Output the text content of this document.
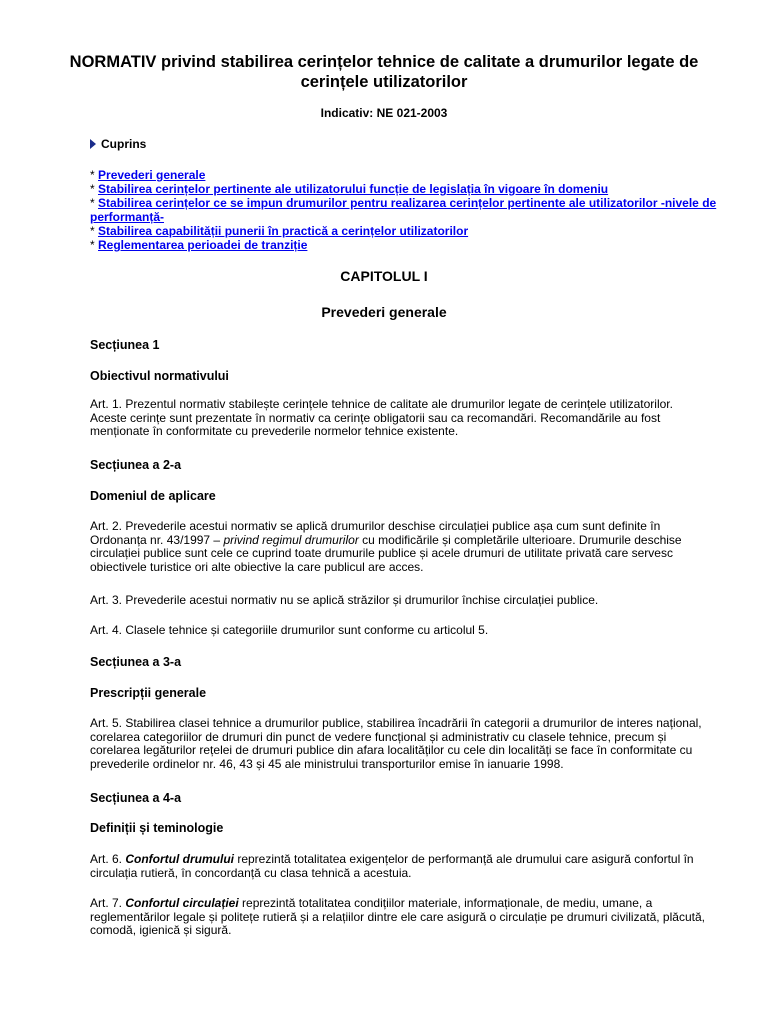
NORMATIV privind stabilirea cerințelor tehnice de calitate a drumurilor legate de cerințele utilizatorilor

Indicativ: NE 021-2003

Cuprins
* Prevederi generale
* Stabilirea cerințelor pertinente ale utilizatorului funcție de legislația în vigoare în domeniu
* Stabilirea cerințelor ce se impun drumurilor pentru realizarea cerințelor pertinente ale utilizatorilor -nivele de performanță-
* Stabilirea capabilității punerii în practică a cerințelor utilizatorilor
* Reglementarea perioadei de tranziție
CAPITOLUL I
Prevederi generale
Secțiunea 1
Obiectivul normativului

Art. 1. Prezentul normativ stabilește cerințele tehnice de calitate ale drumurilor legate de cerințele utilizatorilor. Aceste cerințe sunt prezentate în normativ ca cerințe obligatorii sau ca recomandări. Recomandările au fost menționate în conformitate cu prevederile normelor tehnice existente.

Secțiunea a 2-a
Domeniul de aplicare

Art. 2. Prevederile acestui normativ se aplică drumurilor deschise circulației publice așa cum sunt definite în Ordonanța nr. 43/1997 – privind regimul drumurilor cu modificările și completările ulterioare. Drumurile deschise circulației publice sunt cele ce cuprind toate drumurile publice și acele drumuri de utilitate privată care servesc obiectivele turistice ori alte obiective la care publicul are acces.

Art. 3. Prevederile acestui normativ nu se aplică străzilor și drumurilor închise circulației publice.

Art. 4. Clasele tehnice și categoriile drumurilor sunt conforme cu articolul 5.

Secțiunea a 3-a
Prescripții generale

Art. 5. Stabilirea clasei tehnice a drumurilor publice, stabilirea încadrării în categorii a drumurilor de interes național, corelarea categoriilor de drumuri din punct de vedere funcțional și administrativ cu clasele tehnice, precum și corelarea legăturilor rețelei de drumuri publice din afara localităților cu cele din localități se face în conformitate cu prevederile ordinelor nr. 46, 43 și 45 ale ministrului transporturilor emise în ianuarie 1998.

Secțiunea a 4-a
Definiții și teminologie

Art. 6. Confortul drumului reprezintă totalitatea exigențelor de performanță ale drumului care asigură confortul în circulația rutieră, în concordanță cu clasa tehnică a acestuia.

Art. 7. Confortul circulației reprezintă totalitatea condițiilor materiale, informaționale, de mediu, umane, a reglementărilor legale și politețe rutieră și a relațiilor dintre ele care asigură o circulație pe drumuri civilizată, plăcută, comodă, igienică și sigură.
